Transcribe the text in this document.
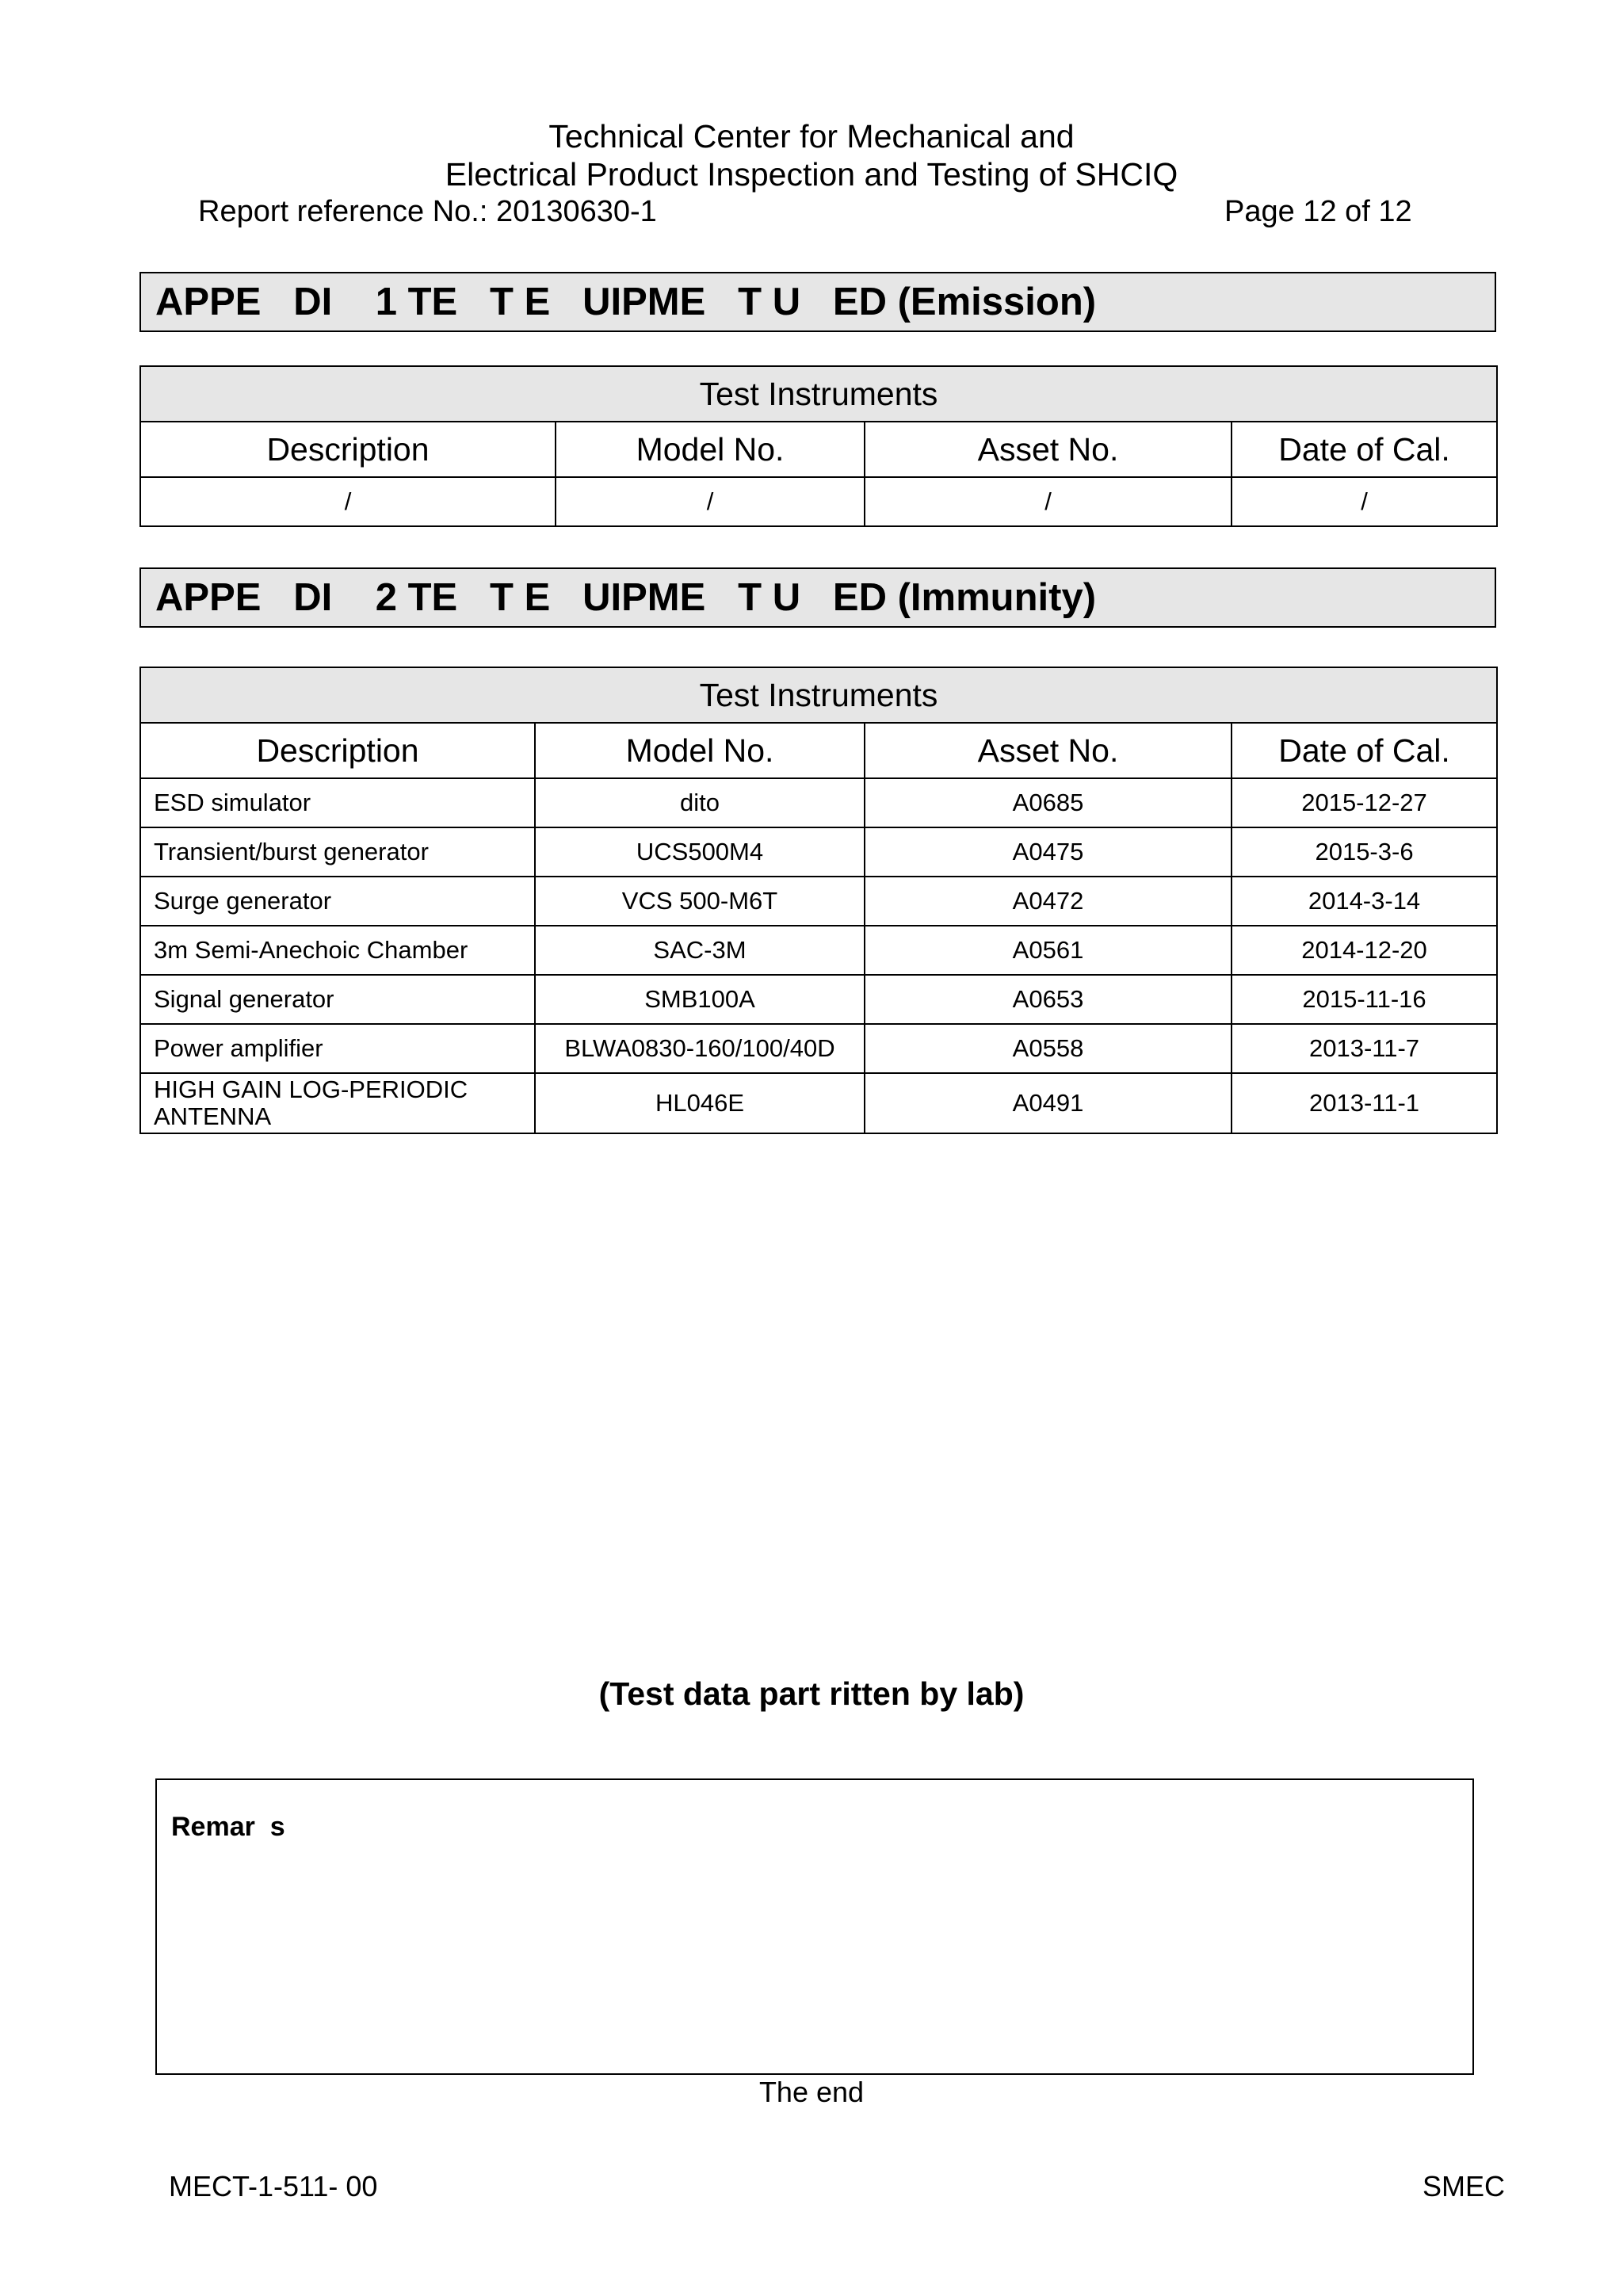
Technical Center for Mechanical and
Electrical Product Inspection and Testing of SHCIQ
Report reference No.: 20130630-1	Page 12 of 12
APPE   DI    1 TE   T E   UIPME   T U   ED (Emission)
Test Instruments			
Description	Model No.	Asset No.	Date of Cal.
/	/	/	/
APPE   DI    2 TE   T E   UIPME   T U   ED (Immunity)
Test Instruments			
Description	Model No.	Asset No.	Date of Cal.
ESD simulator	dito	A0685	2015-12-27
Transient/burst generator	UCS500M4	A0475	2015-3-6
Surge generator	VCS 500-M6T	A0472	2014-3-14
3m Semi-Anechoic Chamber	SAC-3M	A0561	2014-12-20
Signal generator	SMB100A	A0653	2015-11-16
Power amplifier	BLWA0830-160/100/40D	A0558	2013-11-7
HIGH GAIN LOG-PERIODIC ANTENNA	HL046E	A0491	2013-11-1
(Test data part ritten by lab)
Remar  s
The end
MECT-1-511- 00	SMEC
